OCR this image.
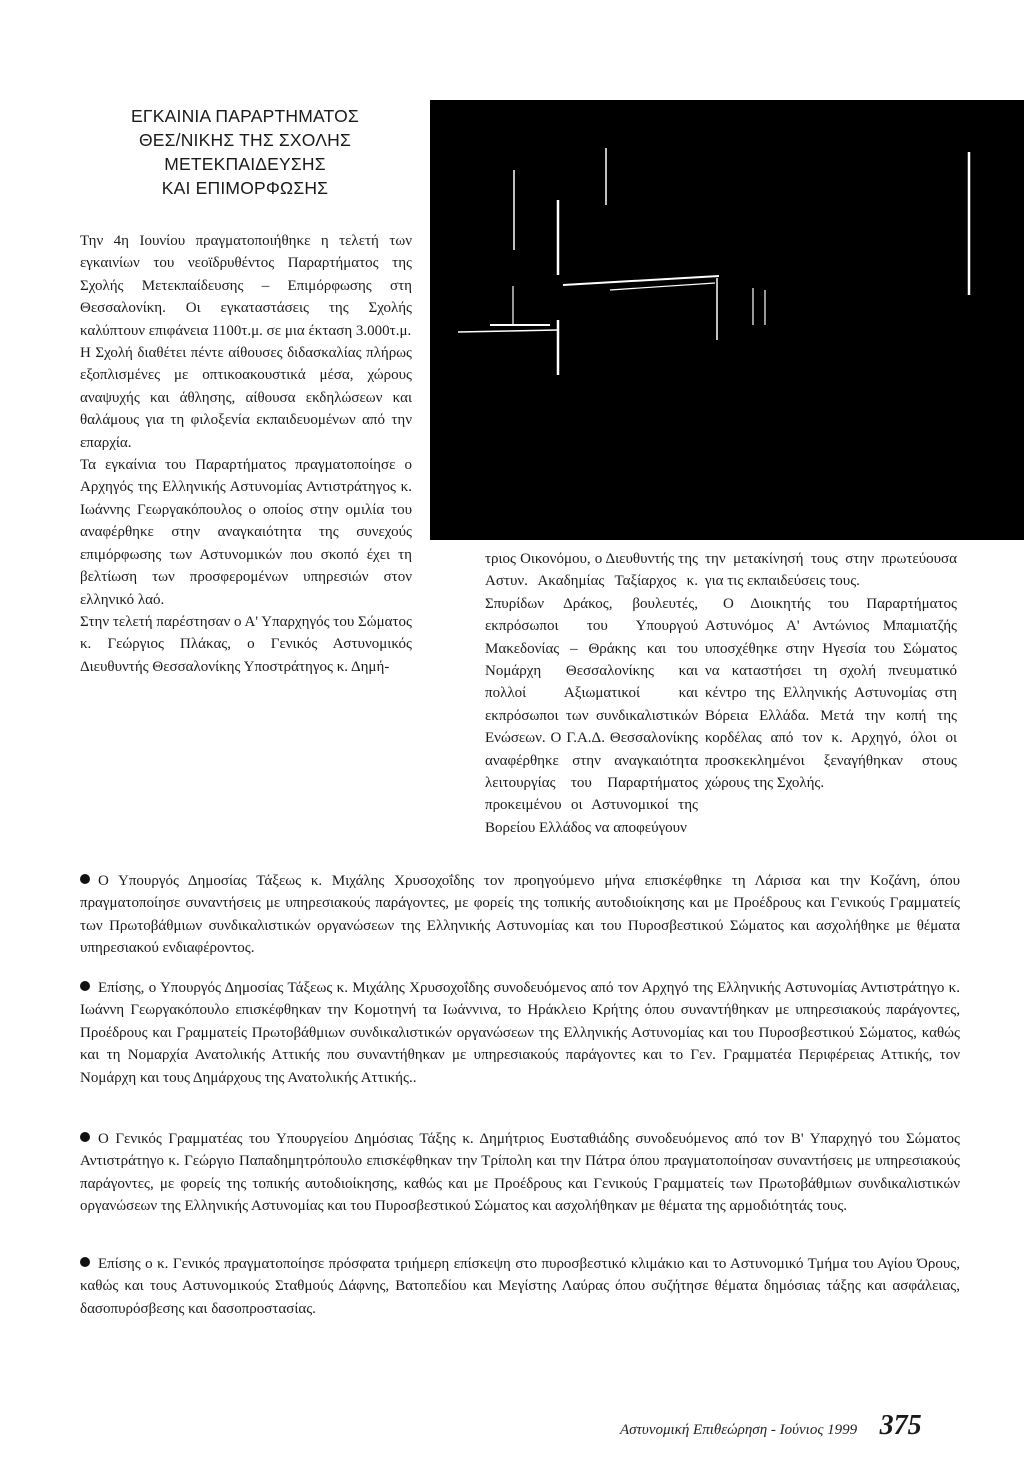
ΕΓΚΑΙΝΙΑ ΠΑΡΑΡΤΗΜΑΤΟΣ
ΘΕΣ/ΝΙΚΗΣ ΤΗΣ ΣΧΟΛΗΣ
ΜΕΤΕΚΠΑΙΔΕΥΣΗΣ
ΚΑΙ ΕΠΙΜΟΡΦΩΣΗΣ

Την 4η Ιουνίου πραγματοποιήθηκε η τελετή των εγκαινίων του νεοϊδρυθέντος Παραρτήματος της Σχολής Μετεκπαίδευσης – Επιμόρφωσης στη Θεσσαλονίκη. Οι εγκαταστάσεις της Σχολής καλύπτουν επιφάνεια 1100τ.μ. σε μια έκταση 3.000τ.μ.

Η Σχολή διαθέτει πέντε αίθουσες διδασκαλίας πλήρως εξοπλισμένες με οπτικοακουστικά μέσα, χώρους αναψυχής και άθλησης, αίθουσα εκδηλώσεων και θαλάμους για τη φιλοξενία εκπαιδευομένων από την επαρχία.

Τα εγκαίνια του Παραρτήματος πραγματοποίησε ο Αρχηγός της Ελληνικής Αστυνομίας Αντιστράτηγος κ. Ιωάννης Γεωργακόπουλος ο οποίος στην ομιλία του αναφέρθηκε στην αναγκαιότητα της συνεχούς επιμόρφωσης των Αστυνομικών που σκοπό έχει τη βελτίωση των προσφερομένων υπηρεσιών στον ελληνικό λαό.

Στην τελετή παρέστησαν ο Α' Υπαρχηγός του Σώματος κ. Γεώργιος Πλάκας, ο Γενικός Αστυνομικός Διευθυντής Θεσσαλονίκης Υποστράτηγος κ. Δημή-

τριος Οικονόμου, ο Διευθυντής της Αστυν. Ακαδημίας Ταξίαρχος κ. Σπυρίδων Δράκος, βουλευτές, εκπρόσωποι του Υπουργού Μακεδονίας – Θράκης και του Νομάρχη Θεσσαλονίκης και πολλοί Αξιωματικοί και εκπρόσωποι των συνδικαλιστικών Ενώσεων. Ο Γ.Α.Δ. Θεσσαλονίκης αναφέρθηκε στην αναγκαιότητα λειτουργίας του Παραρτήματος προκειμένου οι Αστυνομικοί της Βορείου Ελλάδος να αποφεύγουν

την μετακίνησή τους στην πρωτεύουσα για τις εκπαιδεύσεις τους.

Ο Διοικητής του Παραρτήματος Αστυνόμος Α' Αντώνιος Μπαμιατζής υποσχέθηκε στην Ηγεσία του Σώματος να καταστήσει τη σχολή πνευματικό κέντρο της Ελληνικής Αστυνομίας στη Βόρεια Ελλάδα. Μετά την κοπή της κορδέλας από τον κ. Αρχηγό, όλοι οι προσκεκλημένοι ξεναγήθηκαν στους χώρους της Σχολής.

Ο Υπουργός Δημοσίας Τάξεως κ. Μιχάλης Χρυσοχοΐδης τον προηγούμενο μήνα επισκέφθηκε τη Λάρισα και την Κοζάνη, όπου πραγματοποίησε συναντήσεις με υπηρεσιακούς παράγοντες, με φορείς της τοπικής αυτοδιοίκησης και με Προέδρους και Γενικούς Γραμματείς των Πρωτοβάθμιων συνδικαλιστικών οργανώσεων της Ελληνικής Αστυνομίας και του Πυροσβεστικού Σώματος και ασχολήθηκε με θέματα υπηρεσιακού ενδιαφέροντος.
Επίσης, ο Υπουργός Δημοσίας Τάξεως κ. Μιχάλης Χρυσοχοΐδης συνοδευόμενος από τον Αρχηγό της Ελληνικής Αστυνομίας Αντιστράτηγο κ. Ιωάννη Γεωργακόπουλο επισκέφθηκαν την Κομοτηνή τα Ιωάννινα, το Ηράκλειο Κρήτης όπου συναντήθηκαν με υπηρεσιακούς παράγοντες, Προέδρους και Γραμματείς Πρωτοβάθμιων συνδικαλιστικών οργανώσεων της Ελληνικής Αστυνομίας και του Πυροσβεστικού Σώματος, καθώς και τη Νομαρχία Ανατολικής Αττικής που συναντήθηκαν με υπηρεσιακούς παράγοντες και το Γεν. Γραμματέα Περιφέρειας Αττικής, τον Νομάρχη και τους Δημάρχους της Ανατολικής Αττικής..
Ο Γενικός Γραμματέας του Υπουργείου Δημόσιας Τάξης κ. Δημήτριος Ευσταθιάδης συνοδευόμενος από τον Β' Υπαρχηγό του Σώματος Αντιστράτηγο κ. Γεώργιο Παπαδημητρόπουλο επισκέφθηκαν την Τρίπολη και την Πάτρα όπου πραγματοποίησαν συναντήσεις με υπηρεσιακούς παράγοντες, με φορείς της τοπικής αυτοδιοίκησης, καθώς και με Προέδρους και Γενικούς Γραμματείς των Πρωτοβάθμιων συνδικαλιστικών οργανώσεων της Ελληνικής Αστυνομίας και του Πυροσβεστικού Σώματος και ασχολήθηκαν με θέματα της αρμοδιότητάς τους.
Επίσης ο κ. Γενικός πραγματοποίησε πρόσφατα τριήμερη επίσκεψη στο πυροσβεστικό κλιμάκιο και το Αστυνομικό Τμήμα του Αγίου Όρους, καθώς και τους Αστυνομικούς Σταθμούς Δάφνης, Βατοπεδίου και Μεγίστης Λαύρας όπου συζήτησε θέματα δημόσιας τάξης και ασφάλειας, δασοπυρόσβεσης και δασοπροστασίας.
Αστυνομική Επιθεώρηση - Ιούνιος 1999 375
